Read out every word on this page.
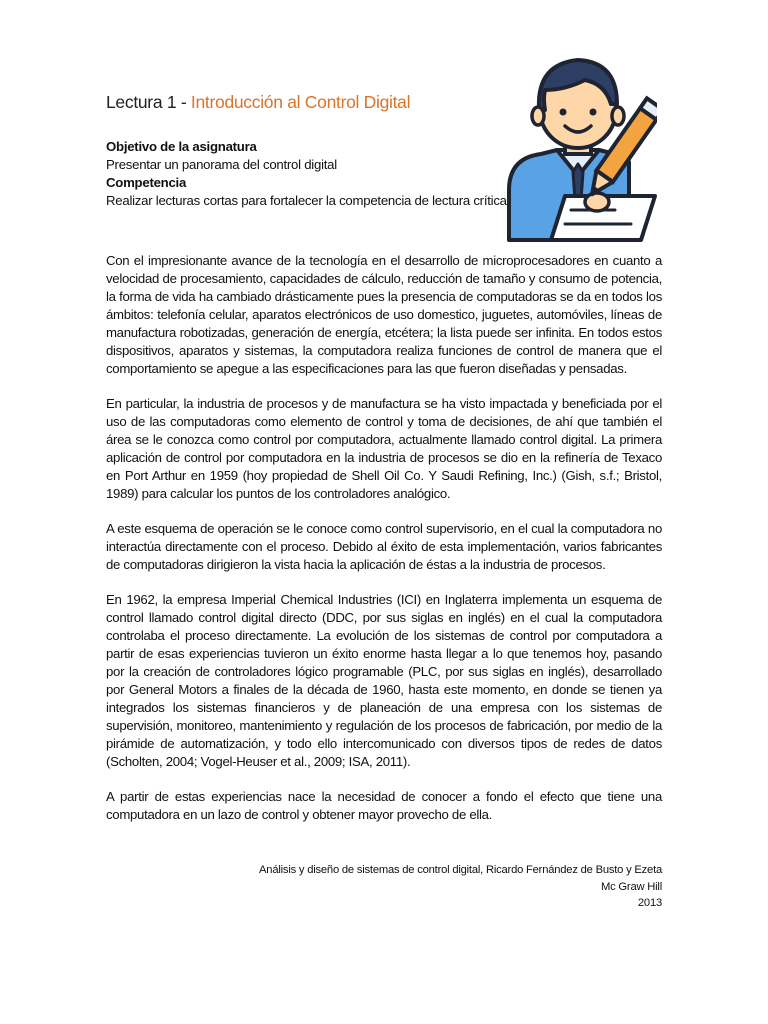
Lectura 1 - Introducción al Control Digital
Objetivo de la asignatura
Presentar un panorama del control digital
Competencia
Realizar lecturas cortas para fortalecer la competencia de lectura crítica

Con el impresionante avance de la tecnología en el desarrollo de microprocesadores en cuanto a velocidad de procesamiento, capacidades de cálculo, reducción de tamaño y consumo de potencia, la forma de vida ha cambiado drásticamente pues la presencia de computadoras se da en todos los ámbitos: telefonía celular, aparatos electrónicos de uso domestico, juguetes, automóviles, líneas de manufactura robotizadas, generación de energía, etcétera; la lista puede ser infinita. En todos estos dispositivos, aparatos y sistemas, la computadora realiza funciones de control de manera que el comportamiento se apegue a las especificaciones para las que fueron diseñadas y pensadas.

En particular, la industria de procesos y de manufactura se ha visto impactada y beneficiada por el uso de las computadoras como elemento de control y toma de decisiones, de ahí que también el área se le conozca como control por computadora, actualmente llamado control digital. La primera aplicación de control por computadora en la industria de procesos se dio en la refinería de Texaco en Port Arthur en 1959 (hoy propiedad de Shell Oil Co. Y Saudi Refining, Inc.) (Gish, s.f.; Bristol, 1989) para calcular los puntos de los controladores analógico.

A este esquema de operación se le conoce como control supervisorio, en el cual la computadora no interactúa directamente con el proceso. Debido al éxito de esta implementación, varios fabricantes de computadoras dirigieron la vista hacia la aplicación de éstas a la industria de procesos.

En 1962, la empresa Imperial Chemical Industries (ICI) en Inglaterra implementa un esquema de control llamado control digital directo (DDC, por sus siglas en inglés) en el cual la computadora controlaba el proceso directamente. La evolución de los sistemas de control por computadora a partir de esas experiencias tuvieron un éxito enorme hasta llegar a lo que tenemos hoy, pasando por la creación de controladores lógico programable (PLC, por sus siglas en inglés), desarrollado por General Motors a finales de la década de 1960, hasta este momento, en donde se tienen ya integrados los sistemas financieros y de planeación de una empresa con los sistemas de supervisión, monitoreo, mantenimiento y regulación de los procesos de fabricación, por medio de la pirámide de automatización, y todo ello intercomunicado con diversos tipos de redes de datos (Scholten, 2004; Vogel-Heuser et al., 2009; ISA, 2011).

A partir de estas experiencias nace la necesidad de conocer a fondo el efecto que tiene una computadora en un lazo de control y obtener mayor provecho de ella.

Análisis y diseño de sistemas de control digital, Ricardo Fernández de Busto y Ezeta
Mc Graw Hill
2013
